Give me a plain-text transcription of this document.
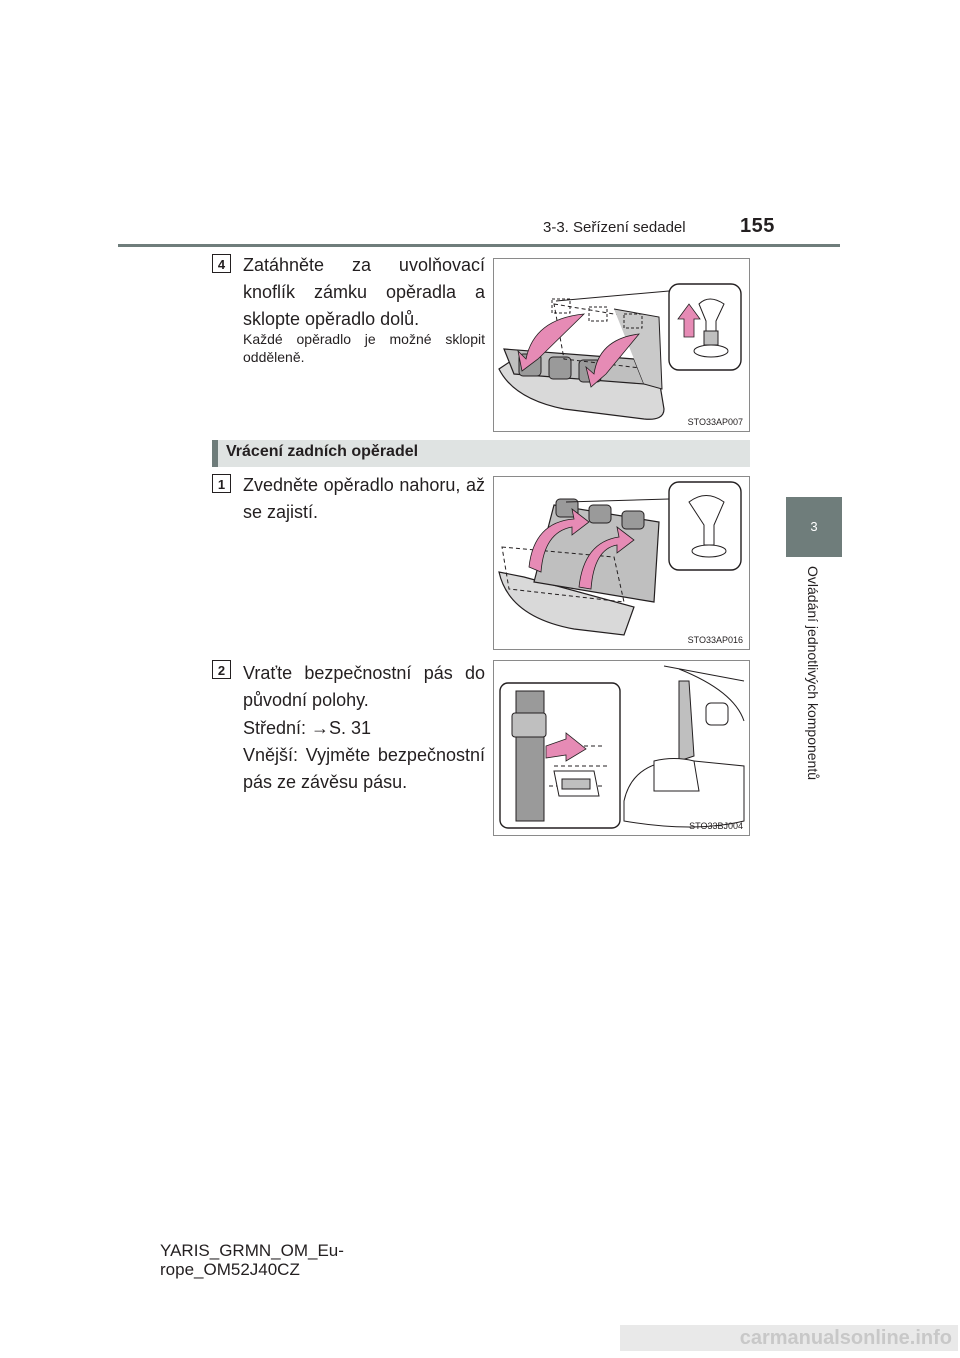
3-3. Seřízení sedadel	155
3
Ovládání jednotlivých komponentů
4 Zatáhněte za uvolňovací knoflík zámku opěradla a sklopte opěradlo dolů.
Každé opěradlo je možné sklopit odděleně.
STO33AP007
Vrácení zadních opěradel
1 Zvedněte opěradlo nahoru, až se zajistí.
STO33AP016
2 Vraťte bezpečnostní pás do původní polohy.
Střední: →S. 31
Vnější: Vyjměte bezpečnostní pás ze závěsu pásu.
STO33BJ004
YARIS_GRMN_OM_Eu-
rope_OM52J40CZ
carmanualsonline.info
